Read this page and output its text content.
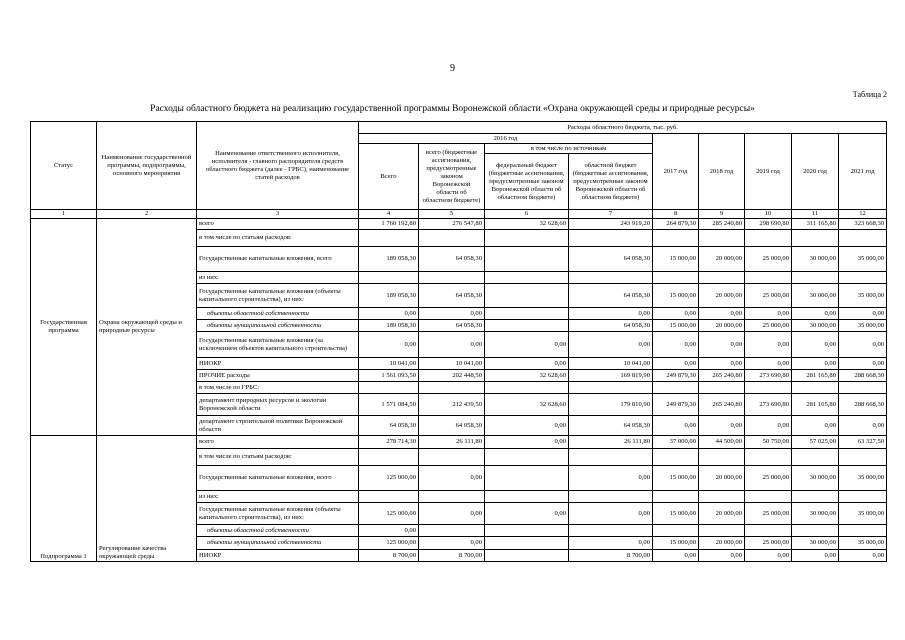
9
Таблица 2
Расходы областного бюджета на реализацию государственной программы Воронежской области «Охрана окружающей среды и природные ресурсы»
Статус	Наименование государственной программы, подпрограммы, основного мероприятия	Наименование ответственного исполнителя, исполнителя - главного распорядителя средств областного бюджета (далее - ГРБС), наименование статей расходов	Расходы областного бюджета, тыс. руб.								
			2016 год				2017 год	2018 год	2019 год	2020 год	2021 год
			Всего	всего (бюджетные ассигнования, предусмотренные законом Воронежской области об областном бюджете)	в том числе по источникам						
					федеральный бюджет (бюджетные ассигнования, предусмотренные законом Воронежской области об областном бюджете)	областной бюджет (бюджетные ассигнования, предусмотренные законом Воронежской области об областном бюджете)					
1	2	3	4	5	6	7	8	9	10	11	12
Государственная программа	Охрана окружающей среды и природные ресурсы	всего	1 760 192,80	276 547,80	32 628,60	243 919,20	264 879,30	285 240,80	298 690,80	311 165,80	323 668,30
		в том числе по статьям расходов:									
		Государственные капитальные вложения, всего	189 058,30	64 058,30		64 058,30	15 000,00	20 000,00	25 000,00	30 000,00	35 000,00
		из них:									
		Государственные капитальные вложения (объекты капитального строительства), из них:	189 058,30	64 058,30		64 058,30	15 000,00	20 000,00	25 000,00	30 000,00	35 000,00
		объекты областной собственности	0,00	0,00		0,00	0,00	0,00	0,00	0,00	0,00
		объекты муниципальной собственности	189 058,30	64 058,30		64 058,30	15 000,00	20 000,00	25 000,00	30 000,00	35 000,00
		Государственные капитальные вложения (за исключением объектов капитального строительства)	0,00	0,00	0,00	0,00	0,00	0,00	0,00	0,00	0,00
		НИОКР	10 041,00	10 041,00	0,00	10 041,00	0,00	0,00	0,00	0,00	0,00
		ПРОЧИЕ расходы	1 561 093,50	202 448,50	32 628,60	169 819,90	249 879,30	265 240,80	273 690,80	281 165,80	288 668,30
		в том числе по ГРБС:									
		департамент природных ресурсов и экологии Воронежской области	1 571 084,50	212 439,50	32 628,60	179 810,90	249 879,30	265 240,80	273 690,80	281 165,80	288 668,30
		департамент строительной политики Воронежской области	64 058,30	64 058,30	0,00	64 058,30	0,00	0,00	0,00	0,00	0,00
Подпрограмма 1	Регулирование качества окружающей среды	всего	278 714,30	26 111,80	0,00	26 111,80	37 000,00	44 500,00	50 750,00	57 025,00	63 327,50
		в том числе по статьям расходов:									
		Государственные капитальные вложения, всего	125 000,00	0,00		0,00	15 000,00	20 000,00	25 000,00	30 000,00	35 000,00
		из них:									
		Государственные капитальные вложения (объекты капитального строительства), из них:	125 000,00	0,00	0,00	0,00	15 000,00	20 000,00	25 000,00	30 000,00	35 000,00
		объекты областной собственности	0,00								
		объекты муниципальной собственности	125 000,00	0,00		0,00	15 000,00	20 000,00	25 000,00	30 000,00	35 000,00
		НИОКР	8 700,00	8 700,00		8 700,00	0,00	0,00	0,00	0,00	0,00
